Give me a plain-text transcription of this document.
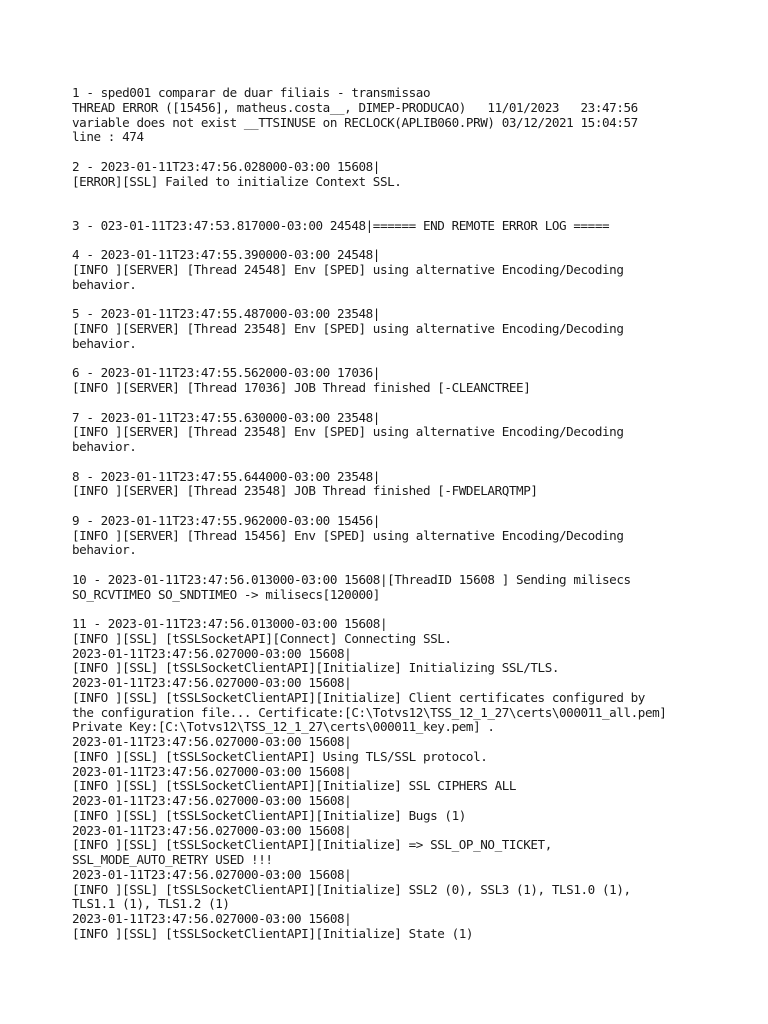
1 - sped001 comparar de duar filiais - transmissao
THREAD ERROR ([15456], matheus.costa__, DIMEP-PRODUCAO)   11/01/2023   23:47:56
variable does not exist __TTSINUSE on RECLOCK(APLIB060.PRW) 03/12/2021 15:04:57
line : 474
2 - 2023-01-11T23:47:56.028000-03:00 15608|
[ERROR][SSL] Failed to initialize Context SSL.
3 - 023-01-11T23:47:53.817000-03:00 24548|====== END REMOTE ERROR LOG =====
4 - 2023-01-11T23:47:55.390000-03:00 24548|
[INFO ][SERVER] [Thread 24548] Env [SPED] using alternative Encoding/Decoding
behavior.
5 - 2023-01-11T23:47:55.487000-03:00 23548|
[INFO ][SERVER] [Thread 23548] Env [SPED] using alternative Encoding/Decoding
behavior.
6 - 2023-01-11T23:47:55.562000-03:00 17036|
[INFO ][SERVER] [Thread 17036] JOB Thread finished [-CLEANCTREE]
7 - 2023-01-11T23:47:55.630000-03:00 23548|
[INFO ][SERVER] [Thread 23548] Env [SPED] using alternative Encoding/Decoding
behavior.
8 - 2023-01-11T23:47:55.644000-03:00 23548|
[INFO ][SERVER] [Thread 23548] JOB Thread finished [-FWDELARQTMP]
9 - 2023-01-11T23:47:55.962000-03:00 15456|
[INFO ][SERVER] [Thread 15456] Env [SPED] using alternative Encoding/Decoding
behavior.
10 - 2023-01-11T23:47:56.013000-03:00 15608|[ThreadID 15608 ] Sending milisecs
SO_RCVTIMEO SO_SNDTIMEO -> milisecs[120000]
11 - 2023-01-11T23:47:56.013000-03:00 15608|
[INFO ][SSL] [tSSLSocketAPI][Connect] Connecting SSL.
2023-01-11T23:47:56.027000-03:00 15608|
[INFO ][SSL] [tSSLSocketClientAPI][Initialize] Initializing SSL/TLS.
2023-01-11T23:47:56.027000-03:00 15608|
[INFO ][SSL] [tSSLSocketClientAPI][Initialize] Client certificates configured by
the configuration file... Certificate:[C:\Totvs12\TSS_12_1_27\certs\000011_all.pem]
Private Key:[C:\Totvs12\TSS_12_1_27\certs\000011_key.pem] .
2023-01-11T23:47:56.027000-03:00 15608|
[INFO ][SSL] [tSSLSocketClientAPI] Using TLS/SSL protocol.
2023-01-11T23:47:56.027000-03:00 15608|
[INFO ][SSL] [tSSLSocketClientAPI][Initialize] SSL CIPHERS ALL
2023-01-11T23:47:56.027000-03:00 15608|
[INFO ][SSL] [tSSLSocketClientAPI][Initialize] Bugs (1)
2023-01-11T23:47:56.027000-03:00 15608|
[INFO ][SSL] [tSSLSocketClientAPI][Initialize] => SSL_OP_NO_TICKET,
SSL_MODE_AUTO_RETRY USED !!!
2023-01-11T23:47:56.027000-03:00 15608|
[INFO ][SSL] [tSSLSocketClientAPI][Initialize] SSL2 (0), SSL3 (1), TLS1.0 (1),
TLS1.1 (1), TLS1.2 (1)
2023-01-11T23:47:56.027000-03:00 15608|
[INFO ][SSL] [tSSLSocketClientAPI][Initialize] State (1)
